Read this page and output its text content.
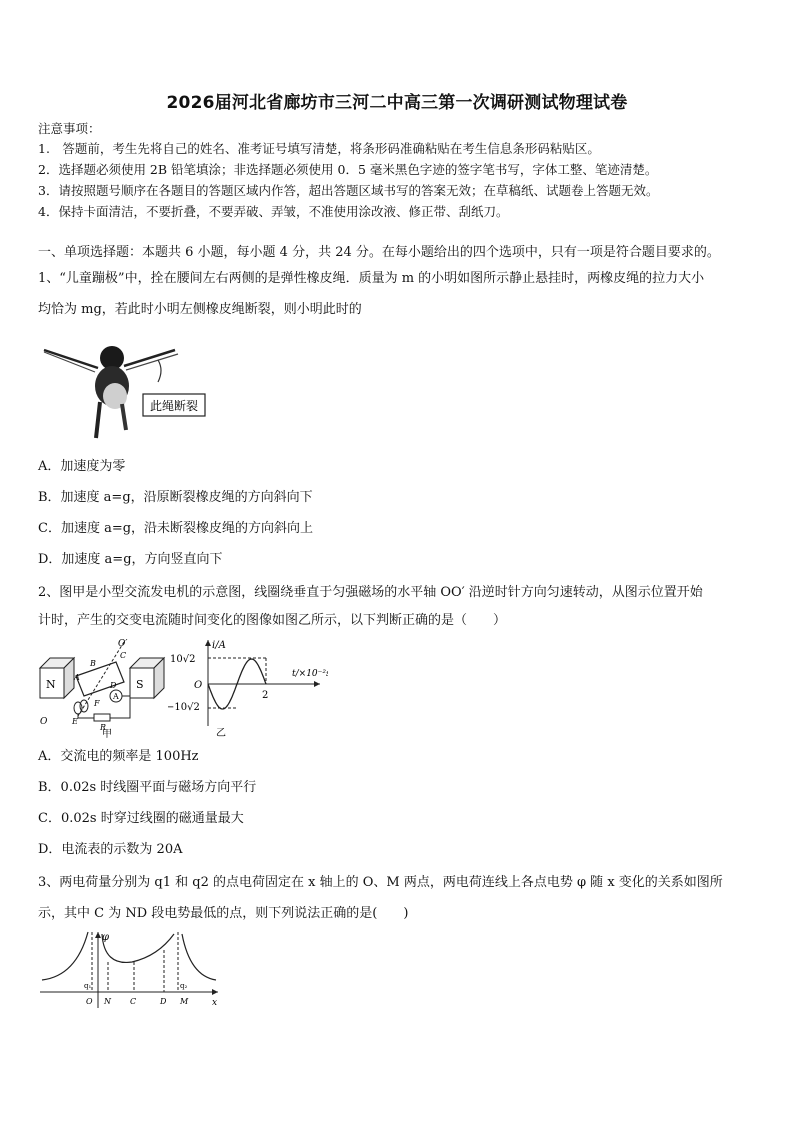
2026届河北省廊坊市三河二中高三第一次调研测试物理试卷
注意事项：
1.　答题前，考生先将自己的姓名、准考证号填写清楚，将条形码准确粘贴在考生信息条形码粘贴区。
2．选择题必须使用 2B 铅笔填涂；非选择题必须使用 0．5 毫米黑色字迹的签字笔书写，字体工整、笔迹清楚。
3．请按照题号顺序在各题目的答题区域内作答，超出答题区域书写的答案无效；在草稿纸、试题卷上答题无效。
4．保持卡面清洁，不要折叠，不要弄破、弄皱，不准使用涂改液、修正带、刮纸刀。
一、单项选择题：本题共 6 小题，每小题 4 分，共 24 分。在每小题给出的四个选项中，只有一项是符合题目要求的。
1、“儿童蹦极”中，拴在腰间左右两侧的是弹性橡皮绳．质量为 m 的小明如图所示静止悬挂时，两橡皮绳的拉力大小
均恰为 mg，若此时小明左侧橡皮绳断裂，则小明此时的
此绳断裂
A．加速度为零
B．加速度 a=g，沿原断裂橡皮绳的方向斜向下
C．加速度 a=g，沿未断裂橡皮绳的方向斜向上
D．加速度 a=g，方向竖直向下
2、图甲是小型交流发电机的示意图，线圈绕垂直于匀强磁场的水平轴 OO′ 沿逆时针方向匀速转动，从图示位置开始
计时，产生的交变电流随时间变化的图像如图乙所示，以下判断正确的是（　　）
N	S
O′
O
A
B
C
D
E
F
R
A
甲
i/A
t/×10⁻²s
10√2
−10√2
O
2
乙
A．交流电的频率是 100Hz
B．0.02s 时线圈平面与磁场方向平行
C．0.02s 时穿过线圈的磁通量最大
D．电流表的示数为 20A
3、两电荷量分别为 q1 和 q2 的点电荷固定在 x 轴上的 O、M 两点，两电荷连线上各点电势 φ 随 x 变化的关系如图所
示，其中 C 为 ND 段电势最低的点，则下列说法正确的是(　　)
φ
x
q₁	q₂
O N C	D M
